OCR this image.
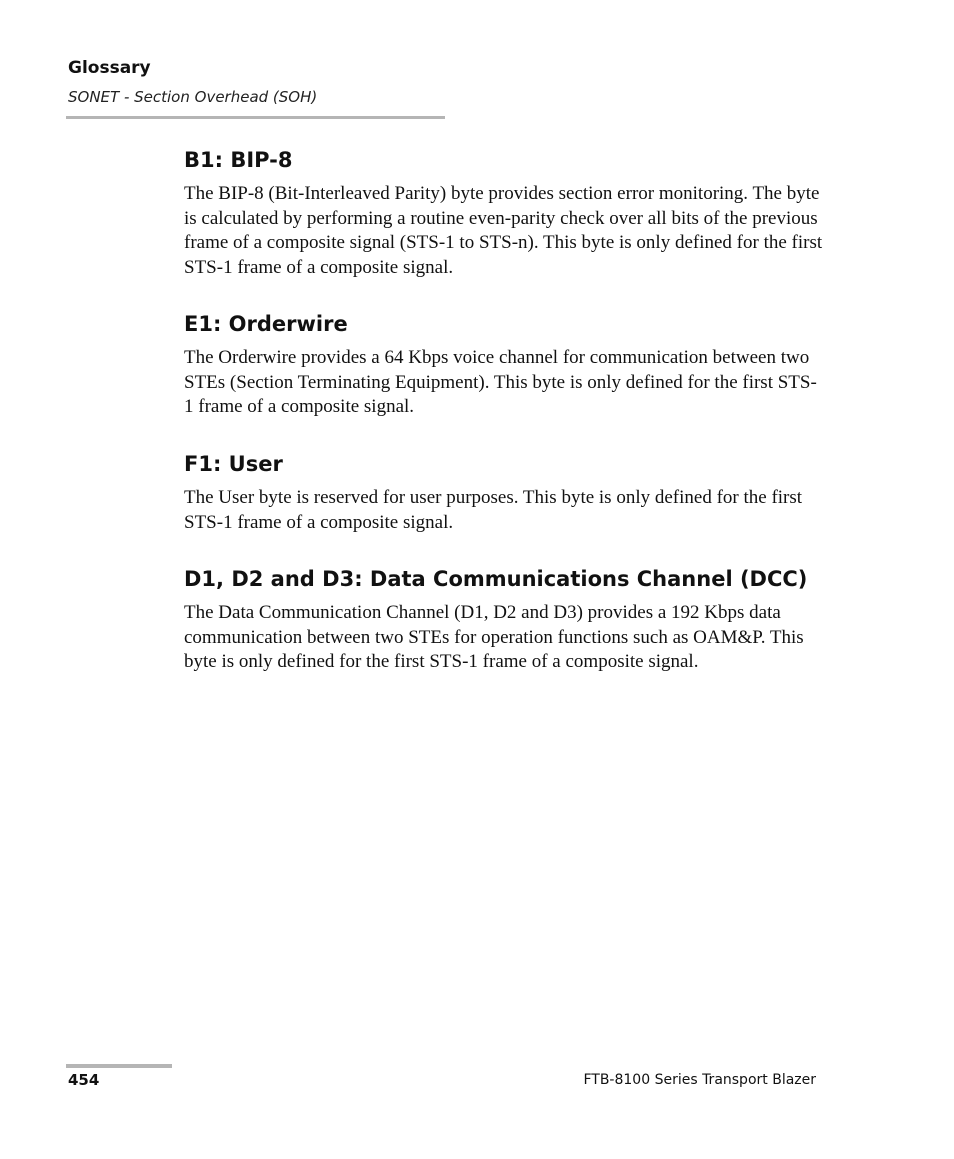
Glossary
SONET - Section Overhead (SOH)
B1: BIP-8

The BIP-8 (Bit-Interleaved Parity) byte provides section error monitoring. The byte is calculated by performing a routine even-parity check over all bits of the previous frame of a composite signal (STS-1 to STS-n). This byte is only defined for the first STS-1 frame of a composite signal.

E1: Orderwire

The Orderwire provides a 64 Kbps voice channel for communication between two STEs (Section Terminating Equipment). This byte is only defined for the first STS-1 frame of a composite signal.

F1: User

The User byte is reserved for user purposes. This byte is only defined for the first STS-1 frame of a composite signal.

D1, D2 and D3: Data Communications Channel (DCC)

The Data Communication Channel (D1, D2 and D3) provides a 192 Kbps data communication between two STEs for operation functions such as OAM&P. This byte is only defined for the first STS-1 frame of a composite signal.

454	FTB-8100 Series Transport Blazer
